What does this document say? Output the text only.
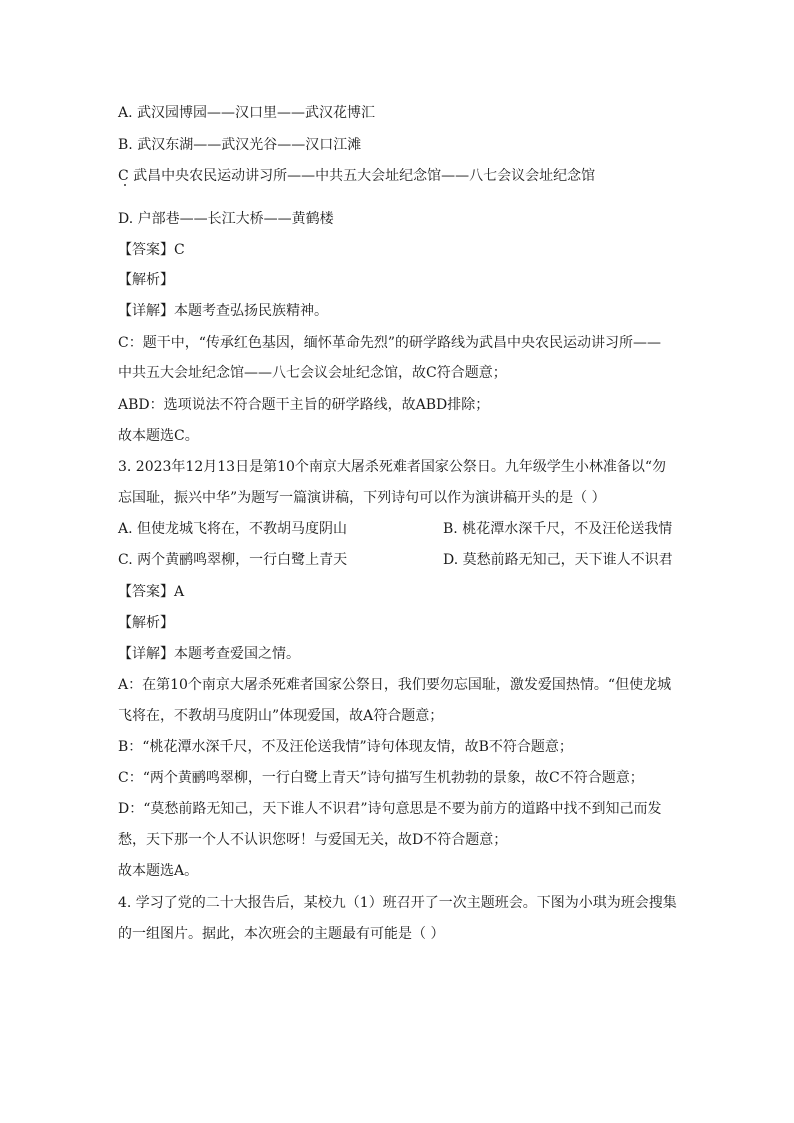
A. 武汉园博园——汉口里——武汉花博汇
B. 武汉东湖——武汉光谷——汉口江滩
C 武昌中央农民运动讲习所——中共五大会址纪念馆——八七会议会址纪念馆
D. 户部巷——长江大桥——黄鹤楼
【答案】C
【解析】
【详解】本题考查弘扬民族精神。
C：题干中，“传承红色基因，缅怀革命先烈”的研学路线为武昌中央农民运动讲习所——
中共五大会址纪念馆——八七会议会址纪念馆，故C符合题意；
ABD：选项说法不符合题干主旨的研学路线，故ABD排除；
故本题选C。
3. 2023年12月13日是第10个南京大屠杀死难者国家公祭日。九年级学生小林准备以“勿
忘国耻，振兴中华”为题写一篇演讲稿，下列诗句可以作为演讲稿开头的是（ ）
A. 但使龙城飞将在，不教胡马度阴山	B. 桃花潭水深千尺，不及汪伦送我情
C. 两个黄鹂鸣翠柳，一行白鹭上青天	D. 莫愁前路无知己，天下谁人不识君
【答案】A
【解析】
【详解】本题考查爱国之情。
A：在第10个南京大屠杀死难者国家公祭日，我们要勿忘国耻，激发爱国热情。“但使龙城
飞将在，不教胡马度阴山”体现爱国，故A符合题意；
B：“桃花潭水深千尺，不及汪伦送我情”诗句体现友情，故B不符合题意；
C：“两个黄鹂鸣翠柳，一行白鹭上青天”诗句描写生机勃勃的景象，故C不符合题意；
D：“莫愁前路无知己，天下谁人不识君”诗句意思是不要为前方的道路中找不到知己而发
愁，天下那一个人不认识您呀！与爱国无关，故D不符合题意；
故本题选A。
4. 学习了党的二十大报告后，某校九（1）班召开了一次主题班会。下图为小琪为班会搜集
的一组图片。据此，本次班会的主题最有可能是（ ）
